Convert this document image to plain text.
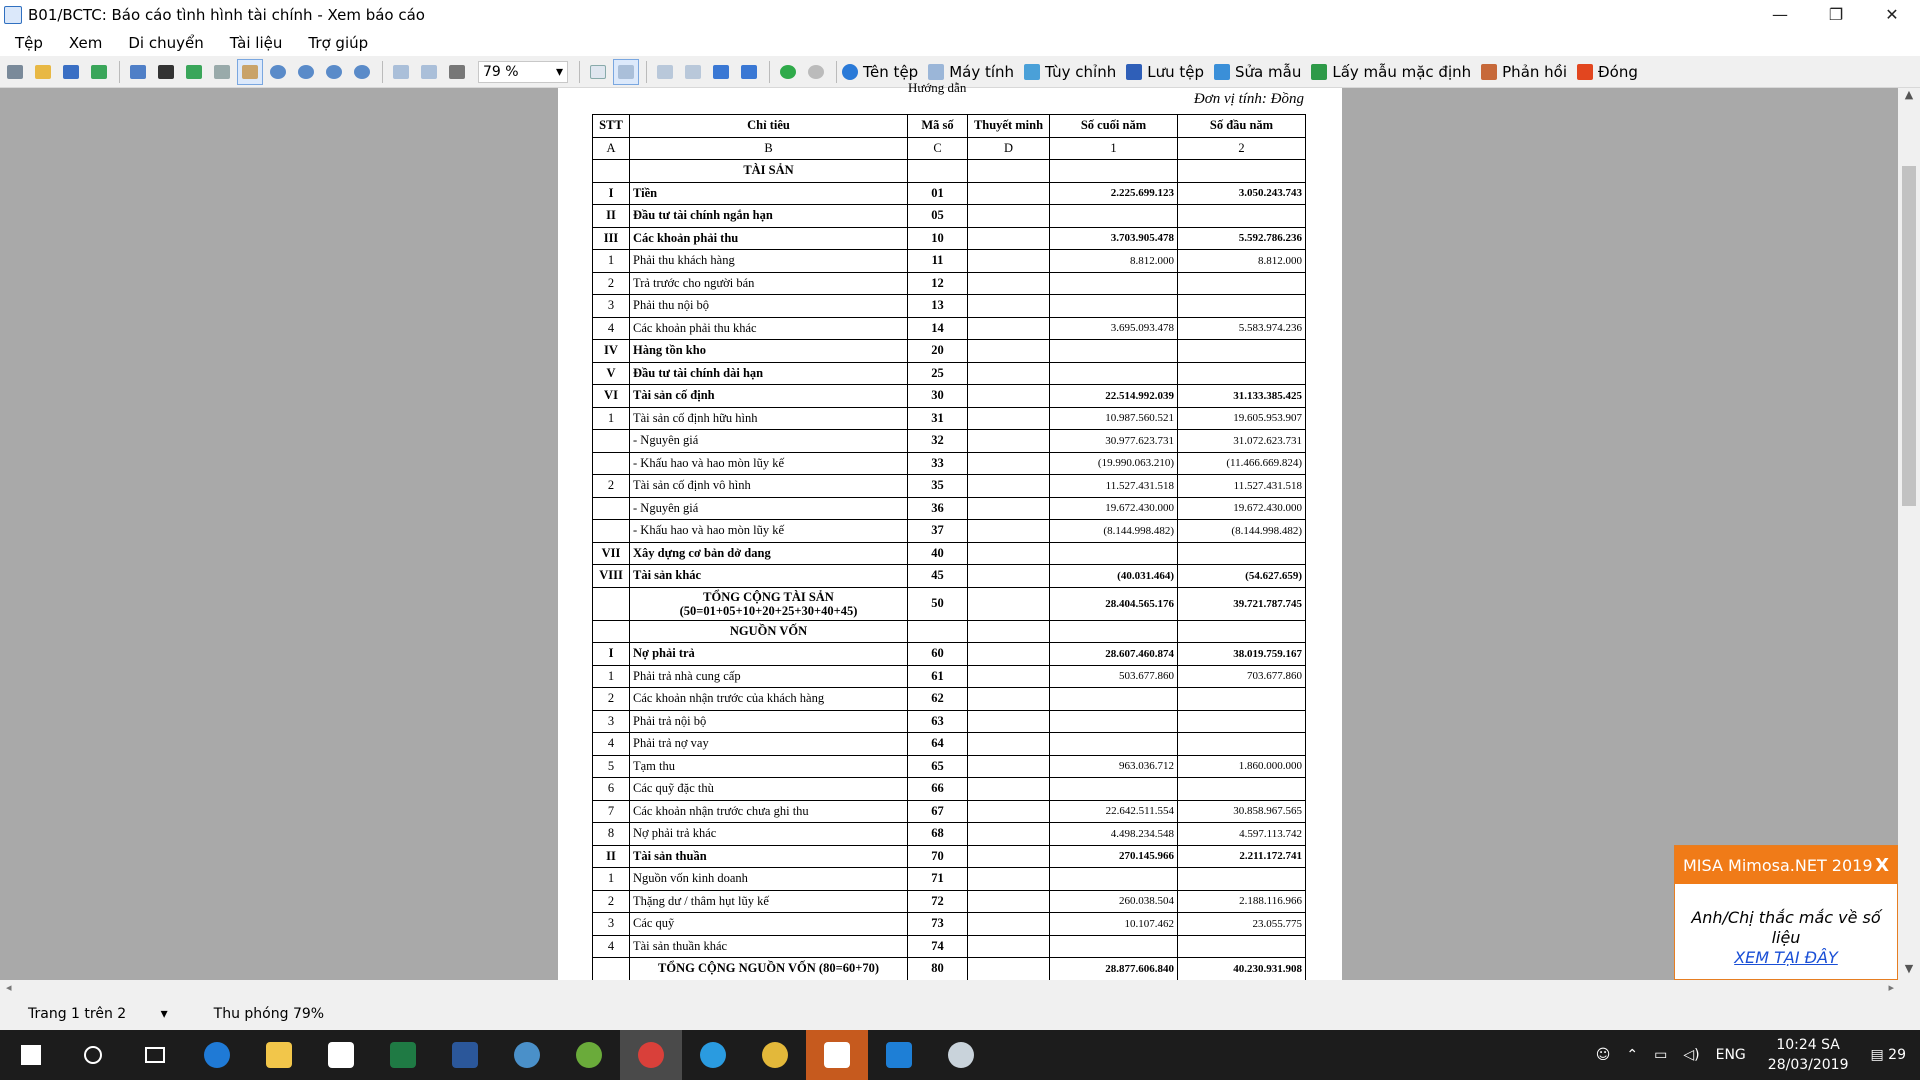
B01/BCTC: Báo cáo tình hình tài chính - Xem báo cáo	—	❐	✕
Tệp	Xem	Di chuyển	Tài liệu	Trợ giúp
79 %	▾	Tên tệp Máy tính Tùy chỉnh Lưu tệp Sửa mẫu Lấy mẫu mặc định Phản hồi Đóng
Hướng dẫn
Đơn vị tính: Đồng
STT	Chỉ tiêu	Mã số	Thuyết minh	Số cuối năm	Số đầu năm
A	B	C	D	1	2
	TÀI SẢN				
I	Tiền	01		2.225.699.123	3.050.243.743
II	Đầu tư tài chính ngắn hạn	05			
III	Các khoản phải thu	10		3.703.905.478	5.592.786.236
1	Phải thu khách hàng	11		8.812.000	8.812.000
2	Trả trước cho người bán	12			
3	Phải thu nội bộ	13			
4	Các khoản phải thu khác	14		3.695.093.478	5.583.974.236
IV	Hàng tồn kho	20			
V	Đầu tư tài chính dài hạn	25			
VI	Tài sản cố định	30		22.514.992.039	31.133.385.425
1	Tài sản cố định hữu hình	31		10.987.560.521	19.605.953.907
	- Nguyên giá	32		30.977.623.731	31.072.623.731
	- Khấu hao và hao mòn lũy kế	33		(19.990.063.210)	(11.466.669.824)
2	Tài sản cố định vô hình	35		11.527.431.518	11.527.431.518
	- Nguyên giá	36		19.672.430.000	19.672.430.000
	- Khấu hao và hao mòn lũy kế	37		(8.144.998.482)	(8.144.998.482)
VII	Xây dựng cơ bản dở dang	40			
VIII	Tài sản khác	45		(40.031.464)	(54.627.659)
	TỔNG CỘNG TÀI SẢN (50=01+05+10+20+25+30+40+45)	50		28.404.565.176	39.721.787.745
	NGUỒN VỐN				
I	Nợ phải trả	60		28.607.460.874	38.019.759.167
1	Phải trả nhà cung cấp	61		503.677.860	703.677.860
2	Các khoản nhận trước của khách hàng	62			
3	Phải trả nội bộ	63			
4	Phải trả nợ vay	64			
5	Tạm thu	65		963.036.712	1.860.000.000
6	Các quỹ đặc thù	66			
7	Các khoản nhận trước chưa ghi thu	67		22.642.511.554	30.858.967.565
8	Nợ phải trả khác	68		4.498.234.548	4.597.113.742
II	Tài sản thuần	70		270.145.966	2.211.172.741
1	Nguồn vốn kinh doanh	71			
2	Thặng dư / thâm hụt lũy kế	72		260.038.504	2.188.116.966
3	Các quỹ	73		10.107.462	23.055.775
4	Tài sản thuần khác	74			
	TỔNG CỘNG NGUỒN VỐN (80=60+70)	80		28.877.606.840	40.230.931.908
▲
▼
◂	▸
MISA Mimosa.NET 2019 X
Anh/Chị thắc mắc về số liệu
XEM TẠI ĐÂY
Trang 1 trên 2 ▾	Thu phóng 79%
☺ ⌃ ▭ ◁) ENG
10:24 SA
28/03/2019
▤ 29
